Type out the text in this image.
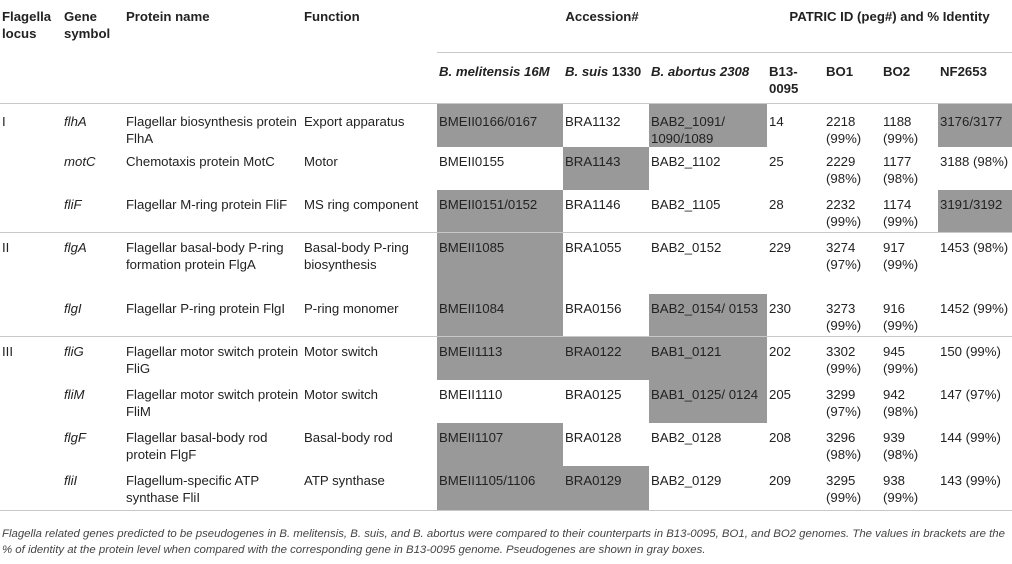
Flagella locus	Gene symbol	Protein name	Function	Accession#			PATRIC ID (peg#) and % Identity			
				B. melitensis 16M	B. suis 1330	B. abortus 2308	B13-0095	BO1	BO2	NF2653
I	flhA	Flagellar biosynthesis protein FlhA	Export apparatus	BMEII0166/0167	BRA1132	BAB2_1091/ 1090/1089	14	2218 (99%)	1188 (99%)	3176/3177
	motC	Chemotaxis protein MotC	Motor	BMEII0155	BRA1143	BAB2_1102	25	2229 (98%)	1177 (98%)	3188 (98%)
	fliF	Flagellar M-ring protein FliF	MS ring component	BMEII0151/0152	BRA1146	BAB2_1105	28	2232 (99%)	1174 (99%)	3191/3192
II	flgA	Flagellar basal-body P-ring formation protein FlgA	Basal-body P-ring biosynthesis	BMEII1085	BRA1055	BAB2_0152	229	3274 (97%)	917 (99%)	1453 (98%)
	flgI	Flagellar P-ring protein FlgI	P-ring monomer	BMEII1084	BRA0156	BAB2_0154/ 0153	230	3273 (99%)	916 (99%)	1452 (99%)
III	fliG	Flagellar motor switch protein FliG	Motor switch	BMEII1113	BRA0122	BAB1_0121	202	3302 (99%)	945 (99%)	150 (99%)
	fliM	Flagellar motor switch protein FliM	Motor switch	BMEII1110	BRA0125	BAB1_0125/ 0124	205	3299 (97%)	942 (98%)	147 (97%)
	flgF	Flagellar basal-body rod protein FlgF	Basal-body rod	BMEII1107	BRA0128	BAB2_0128	208	3296 (98%)	939 (98%)	144 (99%)
	fliI	Flagellum-specific ATP synthase FliI	ATP synthase	BMEII1105/1106	BRA0129	BAB2_0129	209	3295 (99%)	938 (99%)	143 (99%)
Flagella related genes predicted to be pseudogenes in B. melitensis, B. suis, and B. abortus were compared to their counterparts in B13-0095, BO1, and BO2 genomes. The values in brackets are the % of identity at the protein level when compared with the corresponding gene in B13-0095 genome. Pseudogenes are shown in gray boxes.
